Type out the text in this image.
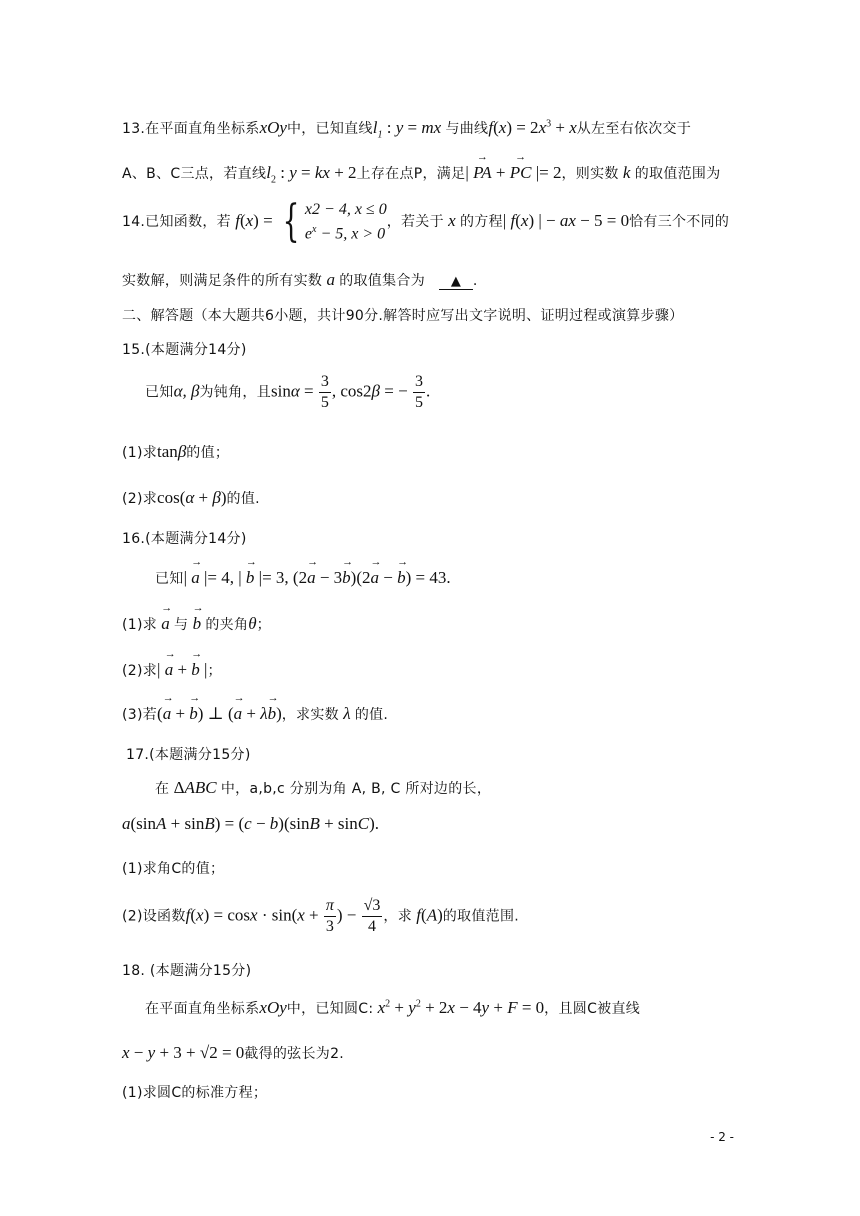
13.在平面直角坐标系xOy中，已知直线$l_1$ : y = mx 与曲线$f(x) = 2x^3 + x$从左至右依次交于
A、B、C三点，若直线$l_2$ : y = kx + 2上存在点P，满足| → PA + → PC |= 2，则实数 k 的取值范围为
14.已知函数，若 f(x) = { x2 − 4, x ≤ 0
$e^x - 5$, x > 0，若关于 x 的方程| f(x) | − ax − 5 = 0恰有三个不同的
实数解，则满足条件的所有实数 a 的取值集合为 ▲ .
二、解答题（本大题共6小题，共计90分.解答时应写出文字说明、证明过程或演算步骤）
15.(本题满分14分)
已知α, β为钝角，且$\sin\alpha = \frac{3}{5}$ , cos2β = − $\frac{3}{5}$ .
(1)求tanβ的值；
(2)求cos(α + β)的值.
16.(本题满分14分)
已知| → a |= 4, | → b |= 3, (2→ a − 3→ b)(2→ a − → b) = 43.
(1)求 → a 与 → b 的夹角θ；
(2)求| → a + → b |；
(3)若(→ a + → b) ⊥ (→ a + λ→ b)，求实数 λ 的值.
17.(本题满分15分)
在 ΔABC 中，a,b,c 分别为角 A, B, C 所对边的长，
a(sinA + sinB) = (c − b)(sinB + sinC).
(1)求角C的值；
(2)设函数$f(x) = \cos x \cdot \sin(x + \frac{\pi}{3}$ ) − $\frac{√3}{4}$ ，求 f(A)的取值范围.
18. (本题满分15分)
在平面直角坐标系xOy中，已知圆C: $x^2 + y^2 + 2x - 4y + F = 0$，且圆C被直线
x − y + 3 + √2 = 0截得的弦长为2.
(1)求圆C的标准方程；
- 2 -
